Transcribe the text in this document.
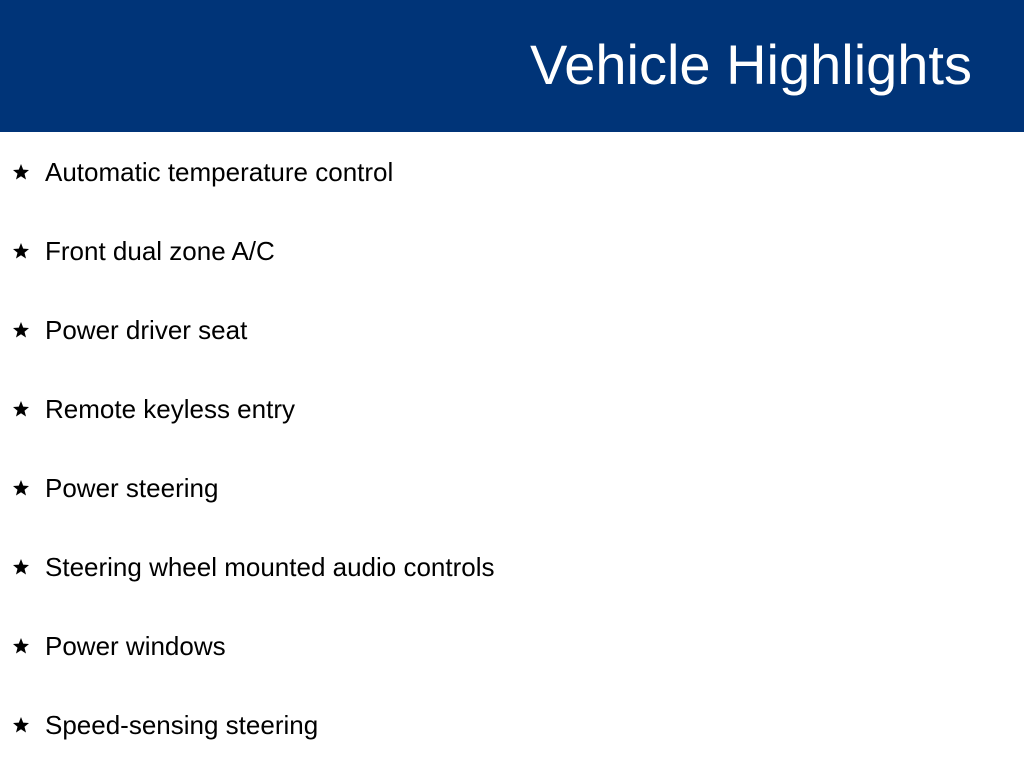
Vehicle Highlights
Automatic temperature control
Front dual zone A/C
Power driver seat
Remote keyless entry
Power steering
Steering wheel mounted audio controls
Power windows
Speed-sensing steering
